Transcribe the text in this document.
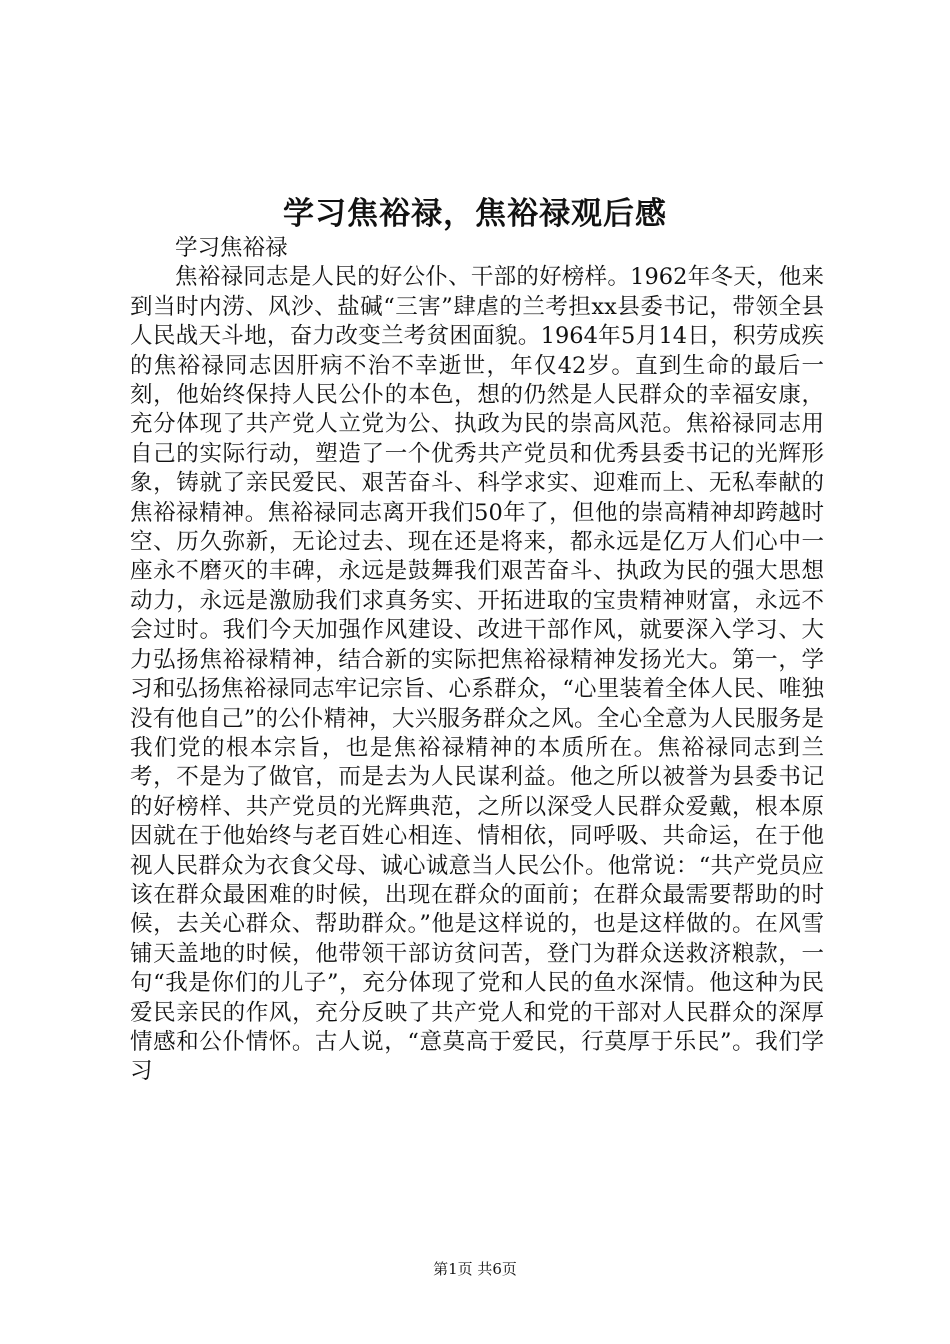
学习焦裕禄，焦裕禄观后感

学习焦裕禄

焦裕禄同志是人民的好公仆、干部的好榜样。1962年冬天，他来到当时内涝、风沙、盐碱“三害”肆虐的兰考担xx县委书记，带领全县人民战天斗地，奋力改变兰考贫困面貌。1964年5月14日，积劳成疾的焦裕禄同志因肝病不治不幸逝世，年仅42岁。直到生命的最后一刻，他始终保持人民公仆的本色，想的仍然是人民群众的幸福安康，充分体现了共产党人立党为公、执政为民的崇高风范。焦裕禄同志用自己的实际行动，塑造了一个优秀共产党员和优秀县委书记的光辉形象，铸就了亲民爱民、艰苦奋斗、科学求实、迎难而上、无私奉献的焦裕禄精神。焦裕禄同志离开我们50年了，但他的崇高精神却跨越时空、历久弥新，无论过去、现在还是将来，都永远是亿万人们心中一座永不磨灭的丰碑，永远是鼓舞我们艰苦奋斗、执政为民的强大思想动力，永远是激励我们求真务实、开拓进取的宝贵精神财富，永远不会过时。我们今天加强作风建设、改进干部作风，就要深入学习、大力弘扬焦裕禄精神，结合新的实际把焦裕禄精神发扬光大。第一，学习和弘扬焦裕禄同志牢记宗旨、心系群众，“心里装着全体人民、唯独没有他自己”的公仆精神，大兴服务群众之风。全心全意为人民服务是我们党的根本宗旨，也是焦裕禄精神的本质所在。焦裕禄同志到兰考，不是为了做官，而是去为人民谋利益。他之所以被誉为县委书记的好榜样、共产党员的光辉典范，之所以深受人民群众爱戴，根本原因就在于他始终与老百姓心相连、情相依，同呼吸、共命运，在于他视人民群众为衣食父母、诚心诚意当人民公仆。他常说：“共产党员应该在群众最困难的时候，出现在群众的面前；在群众最需要帮助的时候，去关心群众、帮助群众。”他是这样说的，也是这样做的。在风雪铺天盖地的时候，他带领干部访贫问苦，登门为群众送救济粮款，一句“我是你们的儿子”，充分体现了党和人民的鱼水深情。他这种为民爱民亲民的作风，充分反映了共产党人和党的干部对人民群众的深厚情感和公仆情怀。古人说，“意莫高于爱民，行莫厚于乐民”。我们学习

第1页 共6页
